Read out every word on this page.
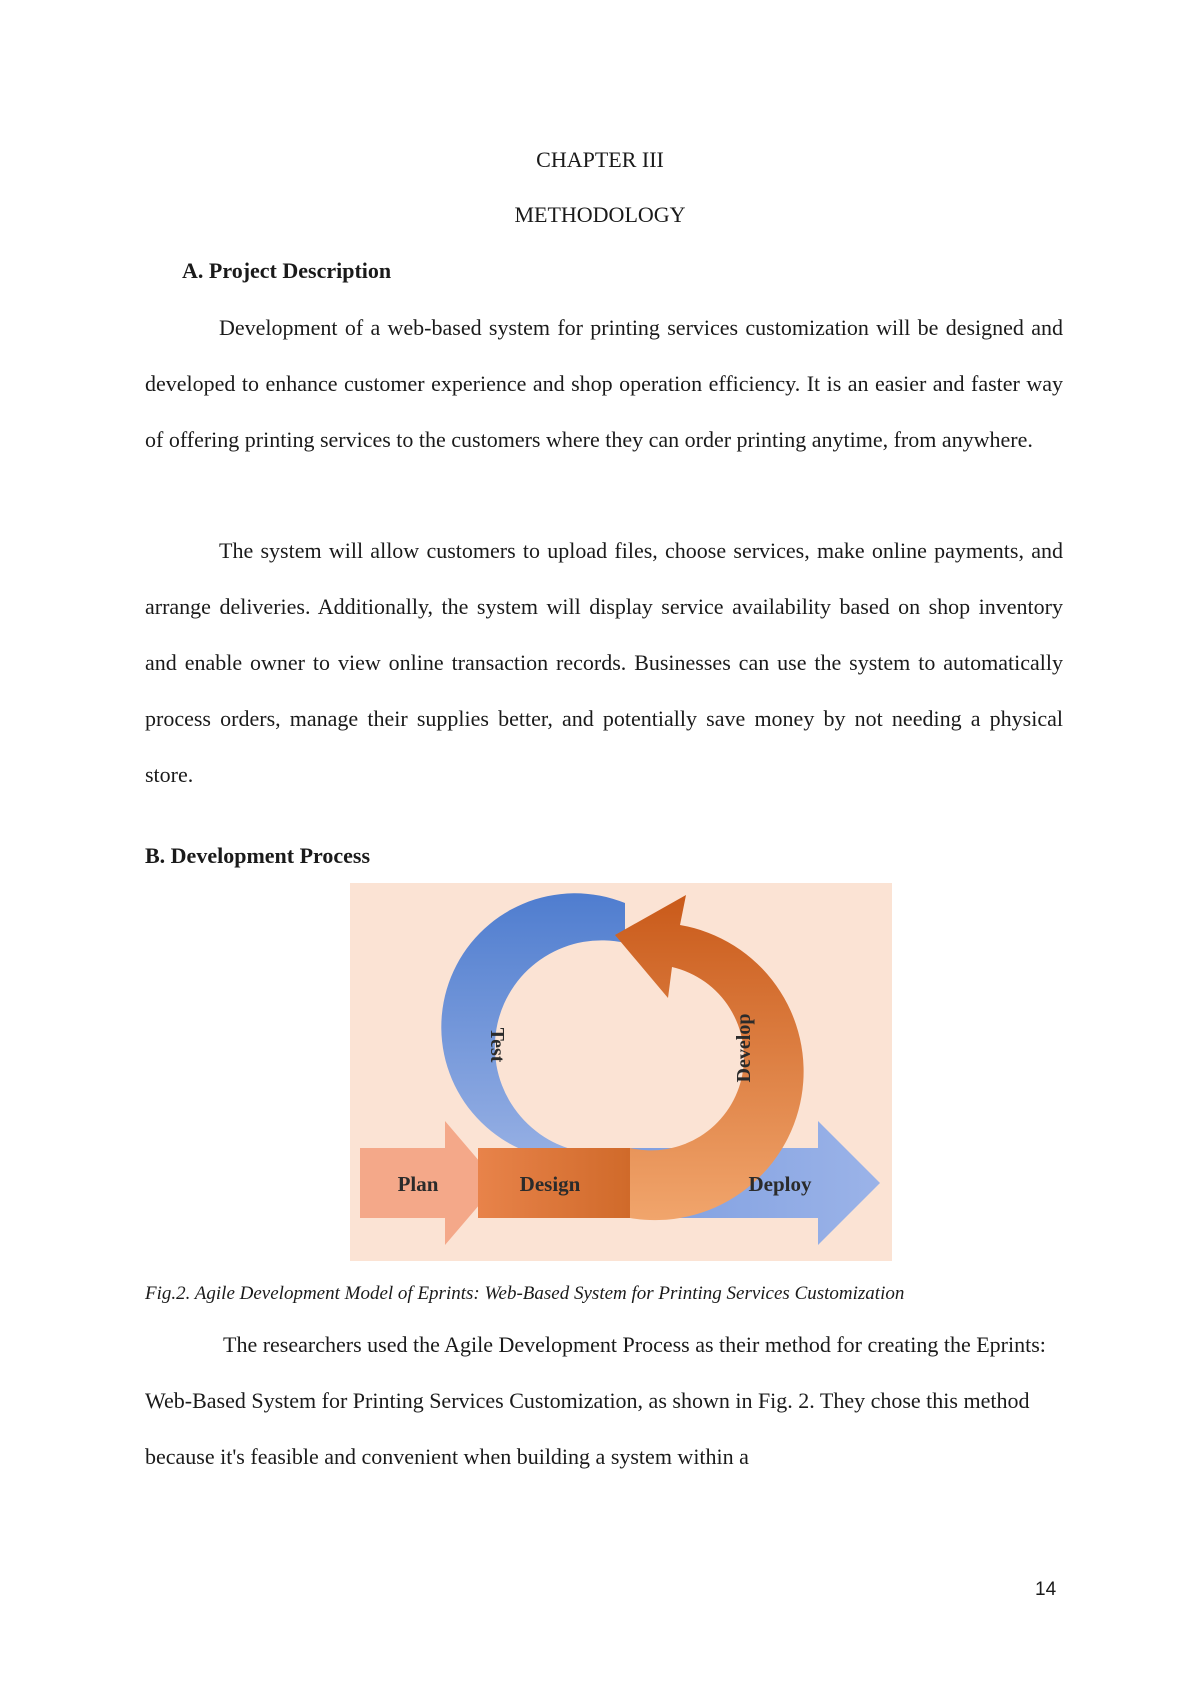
CHAPTER III
METHODOLOGY
A. Project Description

Development of a web-based system for printing services customization will be designed and developed to enhance customer experience and shop operation efficiency. It is an easier and faster way of offering printing services to the customers where they can order printing anytime, from anywhere.

The system will allow customers to upload files, choose services, make online payments, and arrange deliveries. Additionally, the system will display service availability based on shop inventory and enable owner to view online transaction records. Businesses can use the system to automatically process orders, manage their supplies better, and potentially save money by not needing a physical store.

B. Development Process
Plan	Design	Deploy
Test	Develop
Fig.2. Agile Development Model of Eprints: Web-Based System for Printing Services Customization

The researchers used the Agile Development Process as their method for creating the Eprints: Web-Based System for Printing Services Customization, as shown in Fig. 2. They chose this method because it's feasible and convenient when building a system within a

14
